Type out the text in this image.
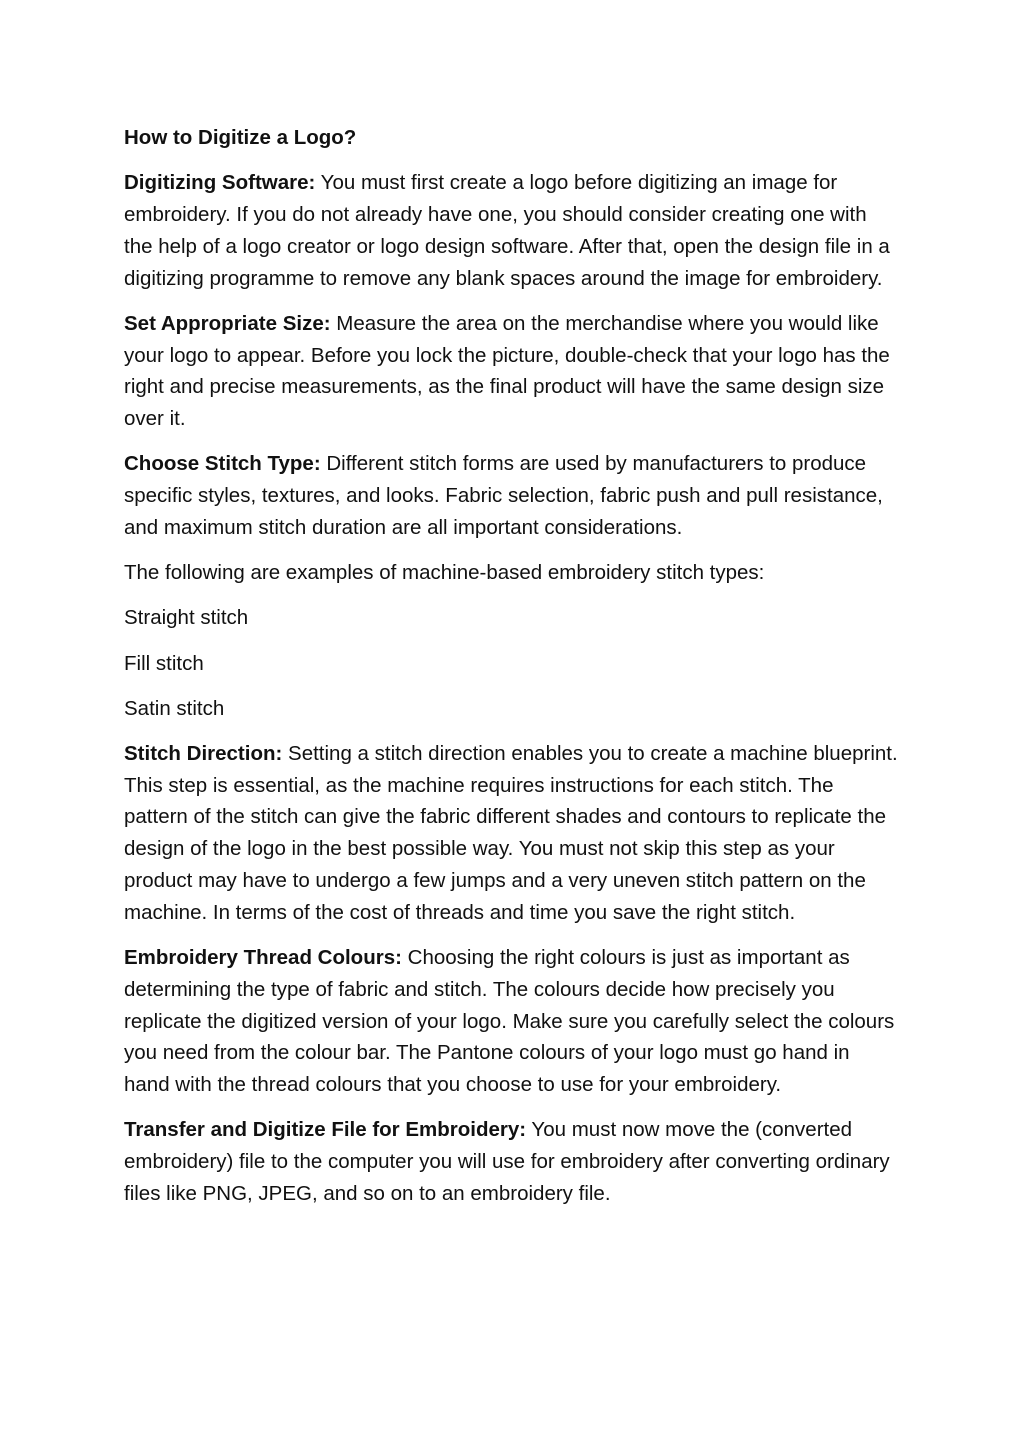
How to Digitize a Logo?

Digitizing Software: You must first create a logo before digitizing an image for embroidery. If you do not already have one, you should consider creating one with the help of a logo creator or logo design software. After that, open the design file in a digitizing programme to remove any blank spaces around the image for embroidery.

Set Appropriate Size: Measure the area on the merchandise where you would like your logo to appear. Before you lock the picture, double-check that your logo has the right and precise measurements, as the final product will have the same design size over it.

Choose Stitch Type: Different stitch forms are used by manufacturers to produce specific styles, textures, and looks. Fabric selection, fabric push and pull resistance, and maximum stitch duration are all important considerations.

The following are examples of machine-based embroidery stitch types:

Straight stitch

Fill stitch

Satin stitch

Stitch Direction: Setting a stitch direction enables you to create a machine blueprint. This step is essential, as the machine requires instructions for each stitch. The pattern of the stitch can give the fabric different shades and contours to replicate the design of the logo in the best possible way. You must not skip this step as your product may have to undergo a few jumps and a very uneven stitch pattern on the machine. In terms of the cost of threads and time you save the right stitch.

Embroidery Thread Colours: Choosing the right colours is just as important as determining the type of fabric and stitch. The colours decide how precisely you replicate the digitized version of your logo. Make sure you carefully select the colours you need from the colour bar. The Pantone colours of your logo must go hand in hand with the thread colours that you choose to use for your embroidery.

Transfer and Digitize File for Embroidery: You must now move the (converted embroidery) file to the computer you will use for embroidery after converting ordinary files like PNG, JPEG, and so on to an embroidery file.
